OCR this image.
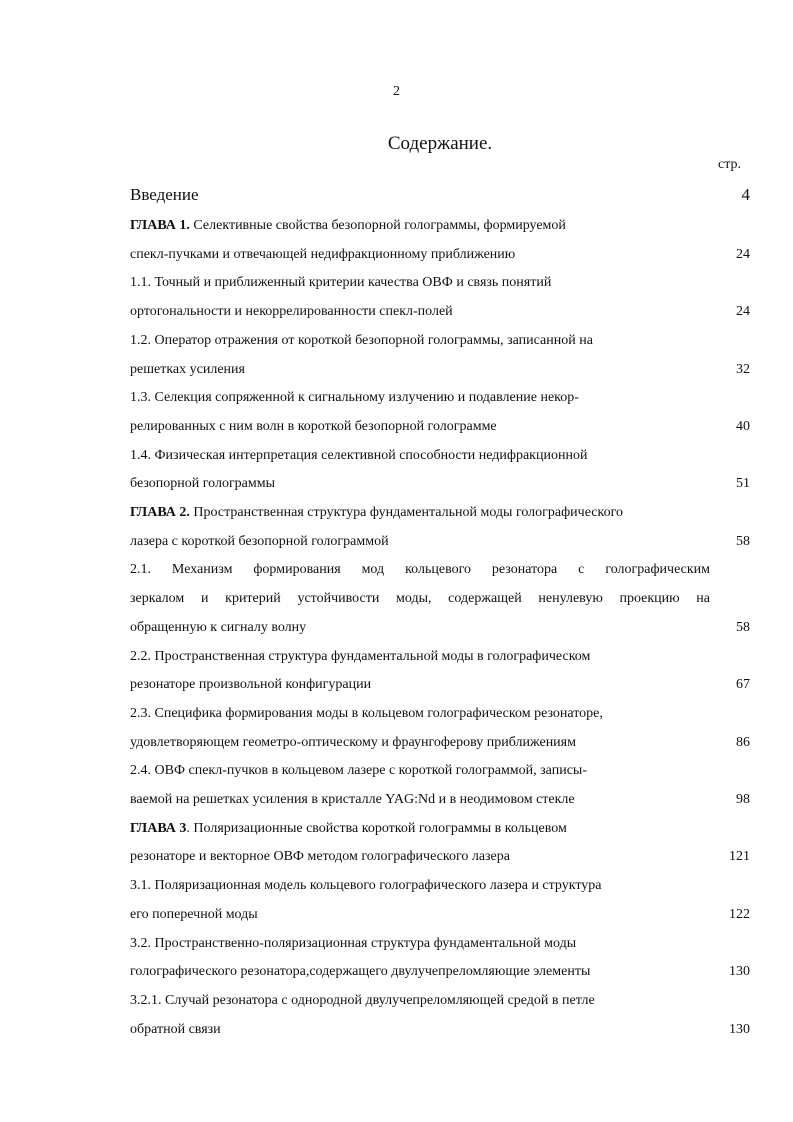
2
Содержание.
стр.
Введение	4
ГЛАВА 1. Селективные свойства безопорной голограммы, формируемой
спекл-пучками и отвечающей недифракционному приближению	24
1.1. Точный и приближенный критерии качества ОВФ и связь понятий
ортогональности и некоррелированности спекл-полей	24
1.2. Оператор отражения от короткой безопорной голограммы, записанной на
решетках усиления	32
1.3. Селекция сопряженной к сигнальному излучению и подавление некор-
релированных с ним волн в короткой безопорной голограмме	40
1.4. Физическая интерпретация селективной способности недифракционной
безопорной голограммы	51
ГЛАВА 2. Пространственная структура фундаментальной моды голографического
лазера с короткой безопорной голограммой	58
2.1. Механизм формирования мод кольцевого резонатора с голографическим
зеркалом и критерий устойчивости моды, содержащей ненулевую проекцию на
обращенную к сигналу волну	58
2.2. Пространственная структура фундаментальной моды в голографическом
резонаторе произвольной конфигурации	67
2.3. Специфика формирования моды в кольцевом голографическом резонаторе,
удовлетворяющем геометро-оптическому и фраунгоферову приближениям	86
2.4. ОВФ спекл-пучков в кольцевом лазере с короткой голограммой, записы-
ваемой на решетках усиления в кристалле YAG:Nd и в неодимовом стекле	98
ГЛАВА 3. Поляризационные свойства короткой голограммы в кольцевом
резонаторе и векторное ОВФ методом голографического лазера	121
3.1. Поляризационная модель кольцевого голографического лазера и структура
его поперечной моды	122
3.2. Пространственно-поляризационная структура фундаментальной моды
голографического резонатора,содержащего двулучепреломляющие элементы	130
3.2.1. Случай резонатора с однородной двулучепреломляющей средой в петле
обратной связи	130
